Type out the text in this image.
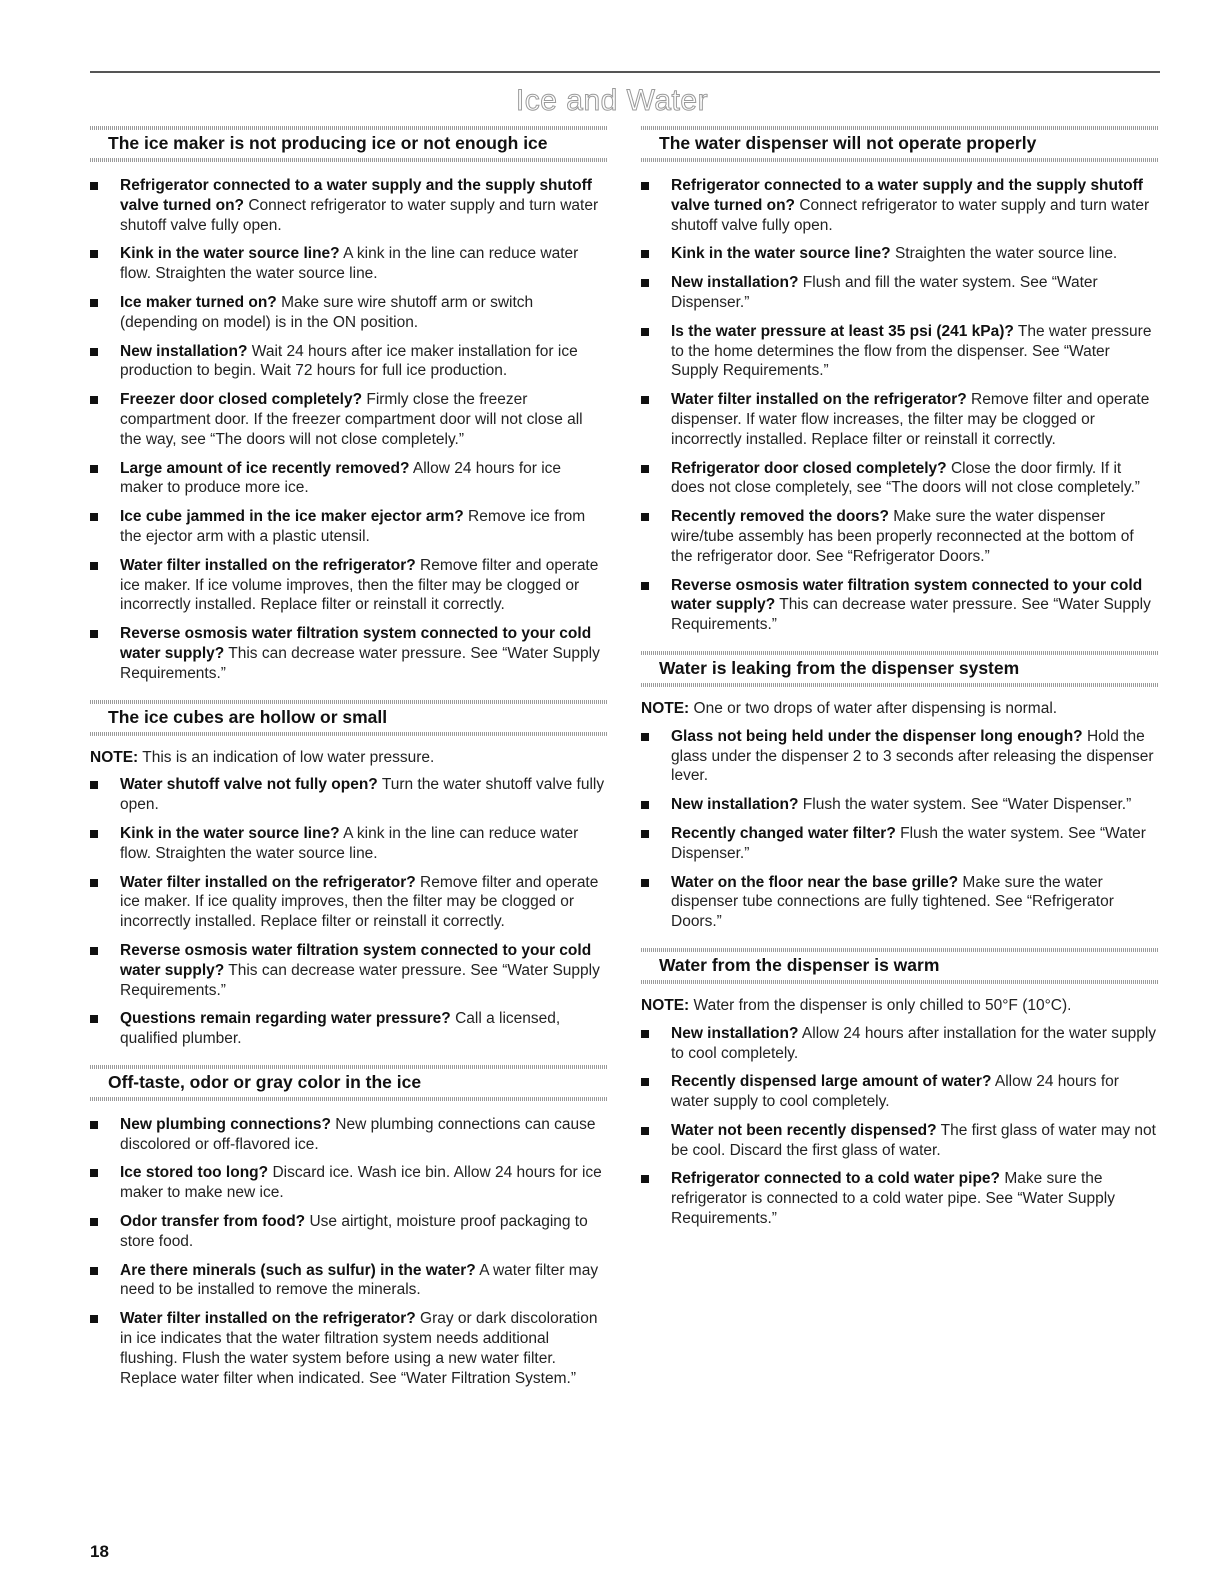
Ice and Water
The ice maker is not producing ice or not enough ice
Refrigerator connected to a water supply and the supply shutoff valve turned on? Connect refrigerator to water supply and turn water shutoff valve fully open.
Kink in the water source line? A kink in the line can reduce water flow. Straighten the water source line.
Ice maker turned on? Make sure wire shutoff arm or switch (depending on model) is in the ON position.
New installation? Wait 24 hours after ice maker installation for ice production to begin. Wait 72 hours for full ice production.
Freezer door closed completely? Firmly close the freezer compartment door. If the freezer compartment door will not close all the way, see “The doors will not close completely.”
Large amount of ice recently removed? Allow 24 hours for ice maker to produce more ice.
Ice cube jammed in the ice maker ejector arm? Remove ice from the ejector arm with a plastic utensil.
Water filter installed on the refrigerator? Remove filter and operate ice maker. If ice volume improves, then the filter may be clogged or incorrectly installed. Replace filter or reinstall it correctly.
Reverse osmosis water filtration system connected to your cold water supply? This can decrease water pressure. See “Water Supply Requirements.”
The ice cubes are hollow or small

NOTE: This is an indication of low water pressure.

Water shutoff valve not fully open? Turn the water shutoff valve fully open.
Kink in the water source line? A kink in the line can reduce water flow. Straighten the water source line.
Water filter installed on the refrigerator? Remove filter and operate ice maker. If ice quality improves, then the filter may be clogged or incorrectly installed. Replace filter or reinstall it correctly.
Reverse osmosis water filtration system connected to your cold water supply? This can decrease water pressure. See “Water Supply Requirements.”
Questions remain regarding water pressure? Call a licensed, qualified plumber.
Off-taste, odor or gray color in the ice
New plumbing connections? New plumbing connections can cause discolored or off-flavored ice.
Ice stored too long? Discard ice. Wash ice bin. Allow 24 hours for ice maker to make new ice.
Odor transfer from food? Use airtight, moisture proof packaging to store food.
Are there minerals (such as sulfur) in the water? A water filter may need to be installed to remove the minerals.
Water filter installed on the refrigerator? Gray or dark discoloration in ice indicates that the water filtration system needs additional flushing. Flush the water system before using a new water filter. Replace water filter when indicated. See “Water Filtration System.”
The water dispenser will not operate properly
Refrigerator connected to a water supply and the supply shutoff valve turned on? Connect refrigerator to water supply and turn water shutoff valve fully open.
Kink in the water source line? Straighten the water source line.
New installation? Flush and fill the water system. See “Water Dispenser.”
Is the water pressure at least 35 psi (241 kPa)? The water pressure to the home determines the flow from the dispenser. See “Water Supply Requirements.”
Water filter installed on the refrigerator? Remove filter and operate dispenser. If water flow increases, the filter may be clogged or incorrectly installed. Replace filter or reinstall it correctly.
Refrigerator door closed completely? Close the door firmly. If it does not close completely, see “The doors will not close completely.”
Recently removed the doors? Make sure the water dispenser wire/tube assembly has been properly reconnected at the bottom of the refrigerator door. See “Refrigerator Doors.”
Reverse osmosis water filtration system connected to your cold water supply? This can decrease water pressure. See “Water Supply Requirements.”
Water is leaking from the dispenser system

NOTE: One or two drops of water after dispensing is normal.

Glass not being held under the dispenser long enough? Hold the glass under the dispenser 2 to 3 seconds after releasing the dispenser lever.
New installation? Flush the water system. See “Water Dispenser.”
Recently changed water filter? Flush the water system. See “Water Dispenser.”
Water on the floor near the base grille? Make sure the water dispenser tube connections are fully tightened. See “Refrigerator Doors.”
Water from the dispenser is warm

NOTE: Water from the dispenser is only chilled to 50°F (10°C).

New installation? Allow 24 hours after installation for the water supply to cool completely.
Recently dispensed large amount of water? Allow 24 hours for water supply to cool completely.
Water not been recently dispensed? The first glass of water may not be cool. Discard the first glass of water.
Refrigerator connected to a cold water pipe? Make sure the refrigerator is connected to a cold water pipe. See “Water Supply Requirements.”
18
